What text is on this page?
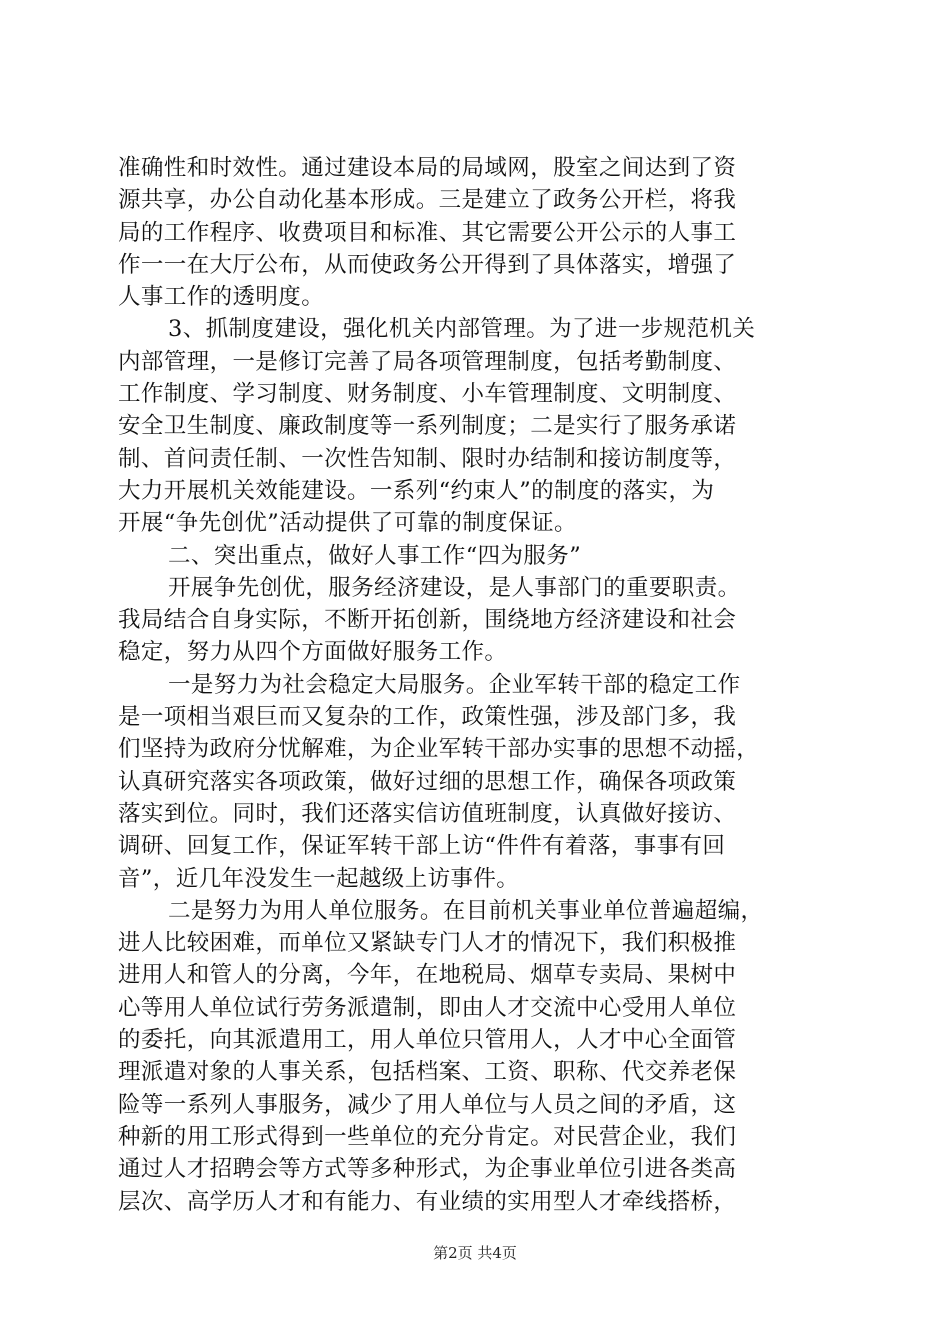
准确性和时效性。通过建设本局的局域网，股室之间达到了资
源共享，办公自动化基本形成。三是建立了政务公开栏，将我
局的工作程序、收费项目和标准、其它需要公开公示的人事工
作一一在大厅公布，从而使政务公开得到了具体落实，增强了
人事工作的透明度。
3、抓制度建设，强化机关内部管理。为了进一步规范机关
内部管理，一是修订完善了局各项管理制度，包括考勤制度、
工作制度、学习制度、财务制度、小车管理制度、文明制度、
安全卫生制度、廉政制度等一系列制度；二是实行了服务承诺
制、首问责任制、一次性告知制、限时办结制和接访制度等，
大力开展机关效能建设。一系列“约束人”的制度的落实，为
开展“争先创优”活动提供了可靠的制度保证。
二、突出重点，做好人事工作“四为服务”
开展争先创优，服务经济建设，是人事部门的重要职责。
我局结合自身实际，不断开拓创新，围绕地方经济建设和社会
稳定，努力从四个方面做好服务工作。
一是努力为社会稳定大局服务。企业军转干部的稳定工作
是一项相当艰巨而又复杂的工作，政策性强，涉及部门多，我
们坚持为政府分忧解难，为企业军转干部办实事的思想不动摇，
认真研究落实各项政策，做好过细的思想工作，确保各项政策
落实到位。同时，我们还落实信访值班制度，认真做好接访、
调研、回复工作，保证军转干部上访“件件有着落，事事有回
音”，近几年没发生一起越级上访事件。
二是努力为用人单位服务。在目前机关事业单位普遍超编，
进人比较困难，而单位又紧缺专门人才的情况下，我们积极推
进用人和管人的分离，今年，在地税局、烟草专卖局、果树中
心等用人单位试行劳务派遣制，即由人才交流中心受用人单位
的委托，向其派遣用工，用人单位只管用人，人才中心全面管
理派遣对象的人事关系，包括档案、工资、职称、代交养老保
险等一系列人事服务，减少了用人单位与人员之间的矛盾，这
种新的用工形式得到一些单位的充分肯定。对民营企业，我们
通过人才招聘会等方式等多种形式，为企事业单位引进各类高
层次、高学历人才和有能力、有业绩的实用型人才牵线搭桥，
第2页 共4页
